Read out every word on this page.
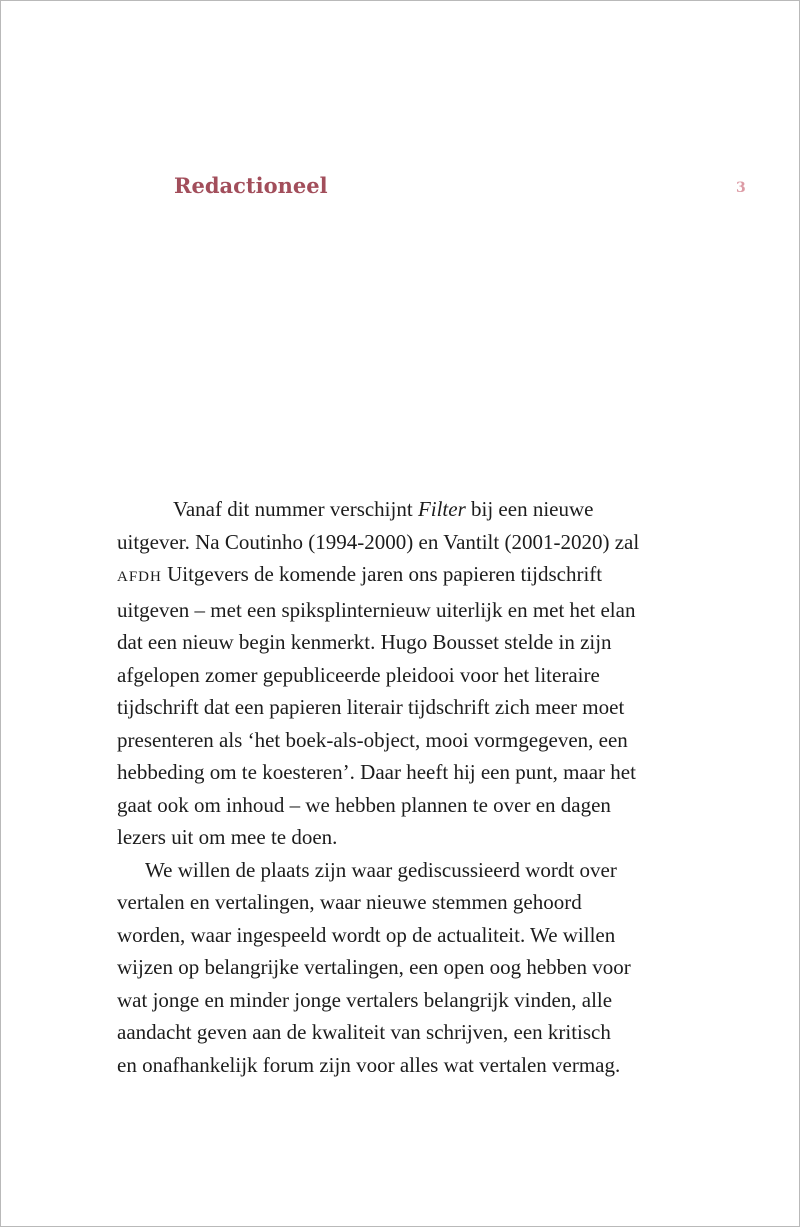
Redactioneel	3
Vanaf dit nummer verschijnt Filter bij een nieuwe
uitgever. Na Coutinho (1994-2000) en Vantilt (2001-2020) zal
AFDH Uitgevers de komende jaren ons papieren tijdschrift
uitgeven – met een spiksplinternieuw uiterlijk en met het elan
dat een nieuw begin kenmerkt. Hugo Bousset stelde in zijn
afgelopen zomer gepubliceerde pleidooi voor het literaire
tijdschrift dat een papieren literair tijdschrift zich meer moet
presenteren als ‘het boek-als-object, mooi vormgegeven, een
hebbeding om te koesteren’. Daar heeft hij een punt, maar het
gaat ook om inhoud – we hebben plannen te over en dagen
lezers uit om mee te doen.
We willen de plaats zijn waar gediscussieerd wordt over
vertalen en vertalingen, waar nieuwe stemmen gehoord
worden, waar ingespeeld wordt op de actualiteit. We willen
wijzen op belangrijke vertalingen, een open oog hebben voor
wat jonge en minder jonge vertalers belangrijk vinden, alle
aandacht geven aan de kwaliteit van schrijven, een kritisch
en onafhankelijk forum zijn voor alles wat vertalen vermag.
